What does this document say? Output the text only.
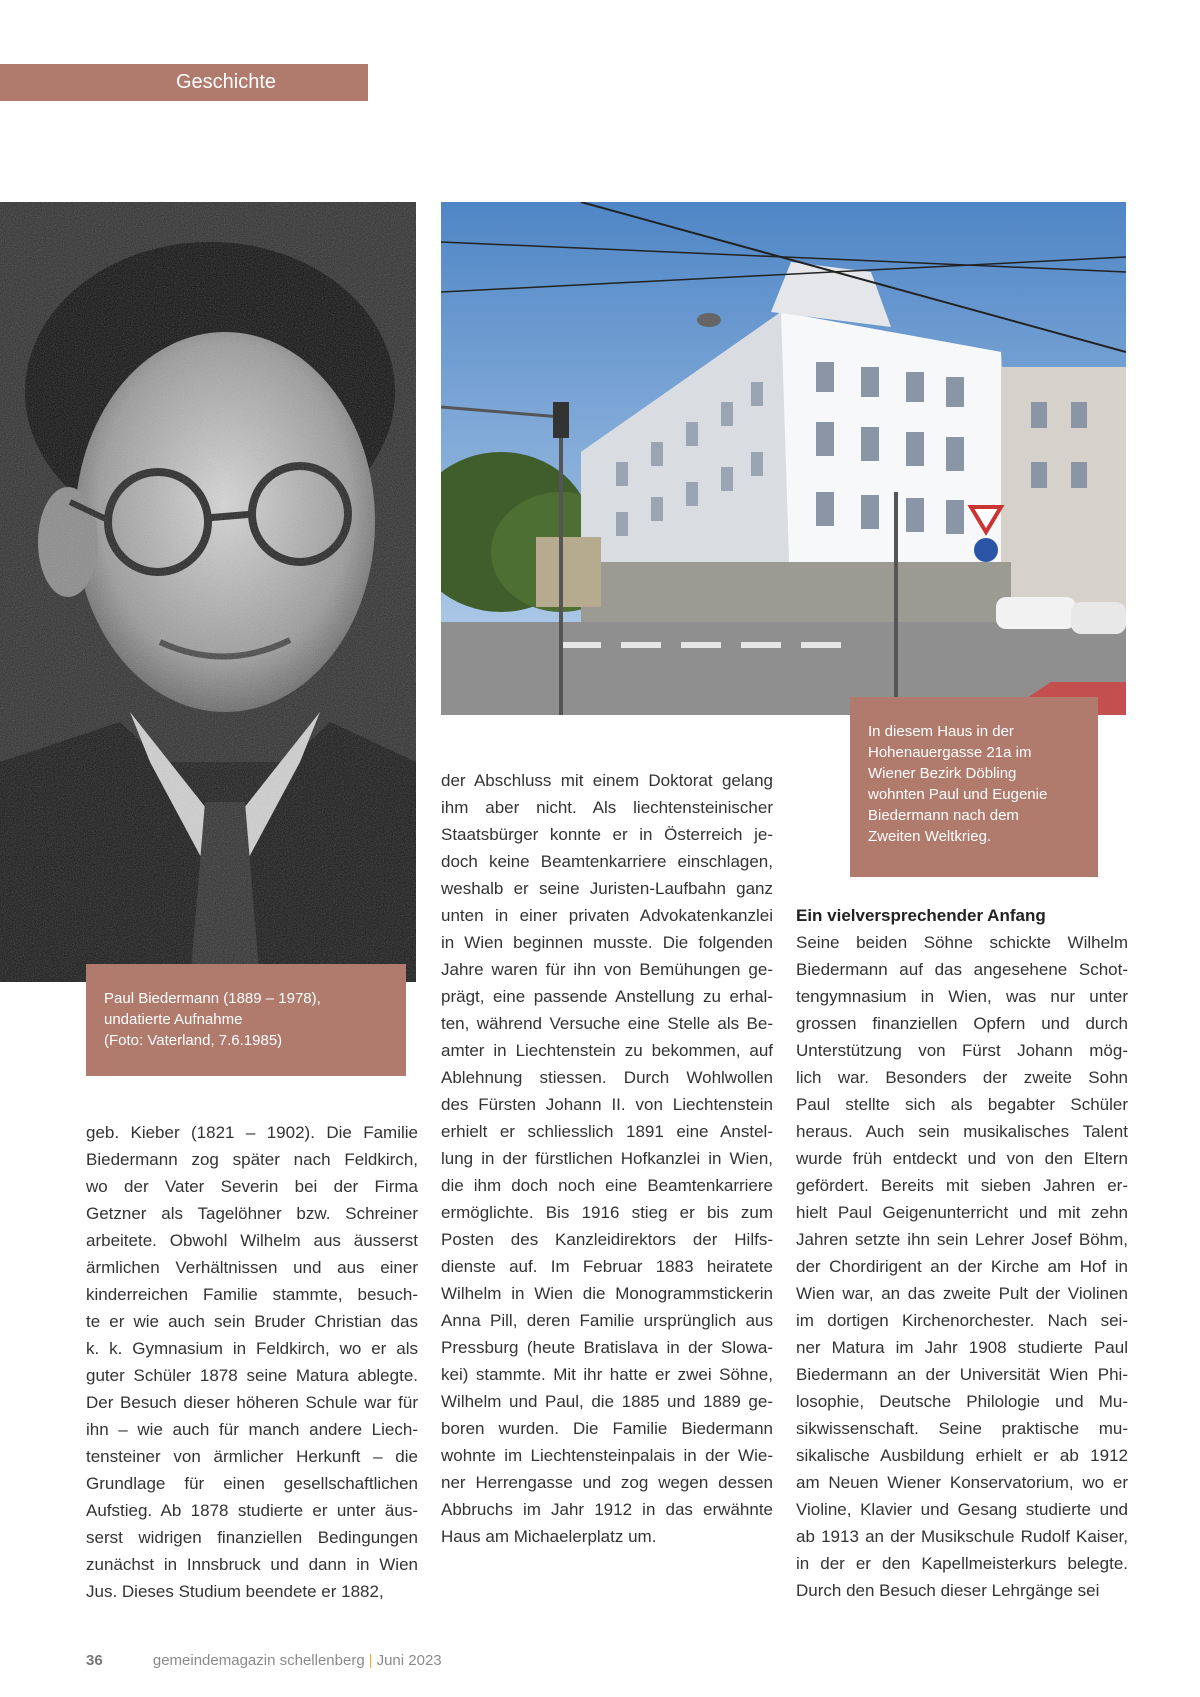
Geschichte
Paul Biedermann (1889 – 1978),
undatierte Aufnahme
(Foto: Vaterland, 7.6.1985)
In diesem Haus in der
Hohenauergasse 21a im
Wiener Bezirk Döbling
wohnten Paul und Eugenie
Biedermann nach dem
Zweiten Weltkrieg.
geb. Kieber (1821 – 1902). Die Familie
Biedermann zog später nach Feldkirch,
wo der Vater Severin bei der Firma
Getzner als Tagelöhner bzw. Schreiner
arbeitete. Obwohl Wilhelm aus äusserst
ärmlichen Verhältnissen und aus einer
kinderreichen Familie stammte, besuch-
te er wie auch sein Bruder Christian das
k. k. Gymnasium in Feldkirch, wo er als
guter Schüler 1878 seine Matura ablegte.
Der Besuch dieser höheren Schule war für
ihn – wie auch für manch andere Liech-
tensteiner von ärmlicher Herkunft – die
Grundlage für einen gesellschaftlichen
Aufstieg. Ab 1878 studierte er unter äus-
serst widrigen finanziellen Bedingungen
zunächst in Innsbruck und dann in Wien
Jus. Dieses Studium beendete er 1882,
der Abschluss mit einem Doktorat gelang
ihm aber nicht. Als liechtensteinischer
Staatsbürger konnte er in Österreich je-
doch keine Beamtenkarriere einschlagen,
weshalb er seine Juristen-Laufbahn ganz
unten in einer privaten Advokatenkanzlei
in Wien beginnen musste. Die folgenden
Jahre waren für ihn von Bemühungen ge-
prägt, eine passende Anstellung zu erhal-
ten, während Versuche eine Stelle als Be-
amter in Liechtenstein zu bekommen, auf
Ablehnung stiessen. Durch Wohlwollen
des Fürsten Johann II. von Liechtenstein
erhielt er schliesslich 1891 eine Anstel-
lung in der fürstlichen Hofkanzlei in Wien,
die ihm doch noch eine Beamtenkarriere
ermöglichte. Bis 1916 stieg er bis zum
Posten des Kanzleidirektors der Hilfs-
dienste auf. Im Februar 1883 heiratete
Wilhelm in Wien die Monogrammstickerin
Anna Pill, deren Familie ursprünglich aus
Pressburg (heute Bratislava in der Slowa-
kei) stammte. Mit ihr hatte er zwei Söhne,
Wilhelm und Paul, die 1885 und 1889 ge-
boren wurden. Die Familie Biedermann
wohnte im Liechtensteinpalais in der Wie-
ner Herrengasse und zog wegen dessen
Abbruchs im Jahr 1912 in das erwähnte
Haus am Michaelerplatz um.
Ein vielversprechender Anfang
Seine beiden Söhne schickte Wilhelm
Biedermann auf das angesehene Schot-
tengymnasium in Wien, was nur unter
grossen finanziellen Opfern und durch
Unterstützung von Fürst Johann mög-
lich war. Besonders der zweite Sohn
Paul stellte sich als begabter Schüler
heraus. Auch sein musikalisches Talent
wurde früh entdeckt und von den Eltern
gefördert. Bereits mit sieben Jahren er-
hielt Paul Geigenunterricht und mit zehn
Jahren setzte ihn sein Lehrer Josef Böhm,
der Chordirigent an der Kirche am Hof in
Wien war, an das zweite Pult der Violinen
im dortigen Kirchenorchester. Nach sei-
ner Matura im Jahr 1908 studierte Paul
Biedermann an der Universität Wien Phi-
losophie, Deutsche Philologie und Mu-
sikwissenschaft. Seine praktische mu-
sikalische Ausbildung erhielt er ab 1912
am Neuen Wiener Konservatorium, wo er
Violine, Klavier und Gesang studierte und
ab 1913 an der Musikschule Rudolf Kaiser,
in der er den Kapellmeisterkurs belegte.
Durch den Besuch dieser Lehrgänge sei
36	gemeindemagazin schellenberg | Juni 2023
